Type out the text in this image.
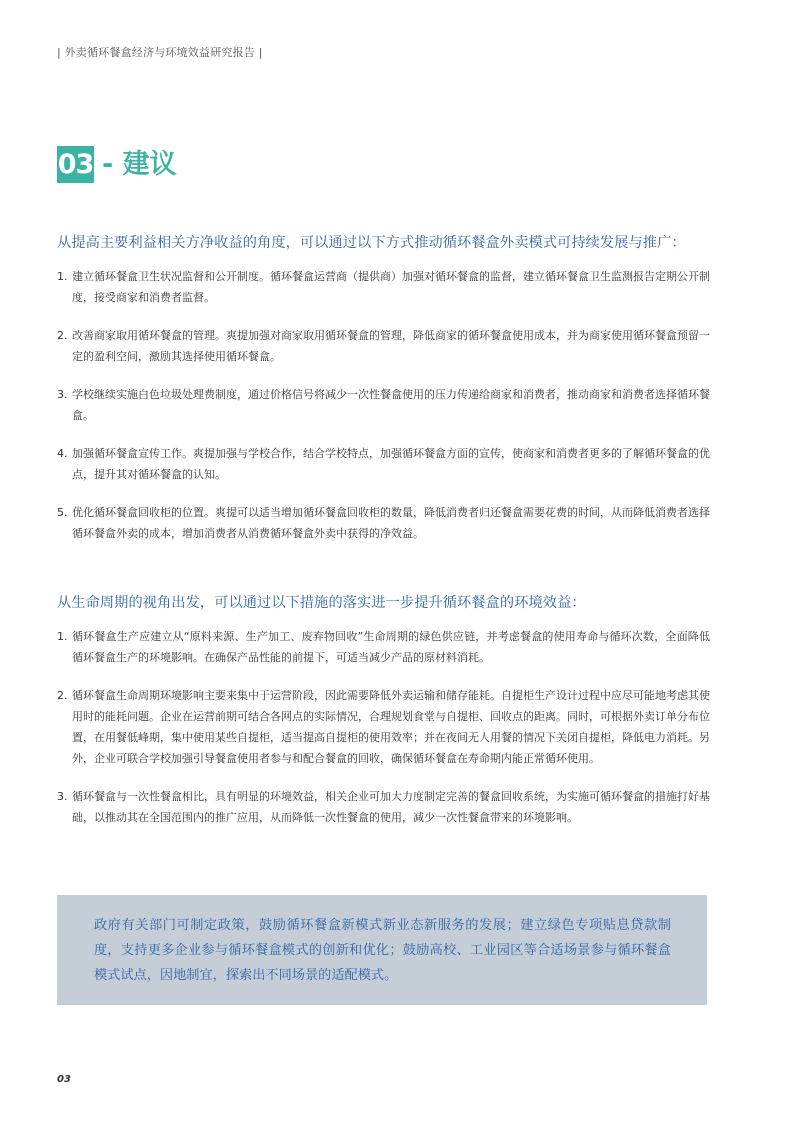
| 外卖循环餐盒经济与环境效益研究报告 |
03 - 建议
从提高主要利益相关方净收益的角度，可以通过以下方式推动循环餐盒外卖模式可持续发展与推广：
1. 建立循环餐盒卫生状况监督和公开制度。循环餐盒运营商（提供商）加强对循环餐盒的监督，建立循环餐盒卫生监测报告定期公开制度，接受商家和消费者监督。
2. 改善商家取用循环餐盒的管理。爽提加强对商家取用循环餐盒的管理，降低商家的循环餐盒使用成本，并为商家使用循环餐盒预留一定的盈利空间，激励其选择使用循环餐盒。
3. 学校继续实施白色垃圾处理费制度，通过价格信号将减少一次性餐盒使用的压力传递给商家和消费者，推动商家和消费者选择循环餐盒。
4. 加强循环餐盒宣传工作。爽提加强与学校合作，结合学校特点，加强循环餐盒方面的宣传，使商家和消费者更多的了解循环餐盒的优点，提升其对循环餐盒的认知。
5. 优化循环餐盒回收柜的位置。爽提可以适当增加循环餐盒回收柜的数量，降低消费者归还餐盒需要花费的时间，从而降低消费者选择循环餐盒外卖的成本，增加消费者从消费循环餐盒外卖中获得的净效益。
从生命周期的视角出发，可以通过以下措施的落实进一步提升循环餐盒的环境效益：
1. 循环餐盒生产应建立从“原料来源、生产加工、废弃物回收”生命周期的绿色供应链，并考虑餐盒的使用寿命与循环次数，全面降低循环餐盒生产的环境影响。在确保产品性能的前提下，可适当减少产品的原材料消耗。
2. 循环餐盒生命周期环境影响主要来集中于运营阶段，因此需要降低外卖运输和储存能耗。自提柜生产设计过程中应尽可能地考虑其使用时的能耗问题。企业在运营前期可结合各网点的实际情况，合理规划食堂与自提柜、回收点的距离。同时，可根据外卖订单分布位置，在用餐低峰期，集中使用某些自提柜，适当提高自提柜的使用效率；并在夜间无人用餐的情况下关闭自提柜，降低电力消耗。另外，企业可联合学校加强引导餐盒使用者参与和配合餐盒的回收，确保循环餐盒在寿命期内能正常循环使用。
3. 循环餐盒与一次性餐盒相比，具有明显的环境效益，相关企业可加大力度制定完善的餐盒回收系统，为实施可循环餐盒的措施打好基础，以推动其在全国范围内的推广应用，从而降低一次性餐盒的使用，减少一次性餐盒带来的环境影响。

政府有关部门可制定政策，鼓励循环餐盒新模式新业态新服务的发展；建立绿色专项贴息贷款制度，支持更多企业参与循环餐盒模式的创新和优化；鼓励高校、工业园区等合适场景参与循环餐盒模式试点，因地制宜，探索出不同场景的适配模式。

03
